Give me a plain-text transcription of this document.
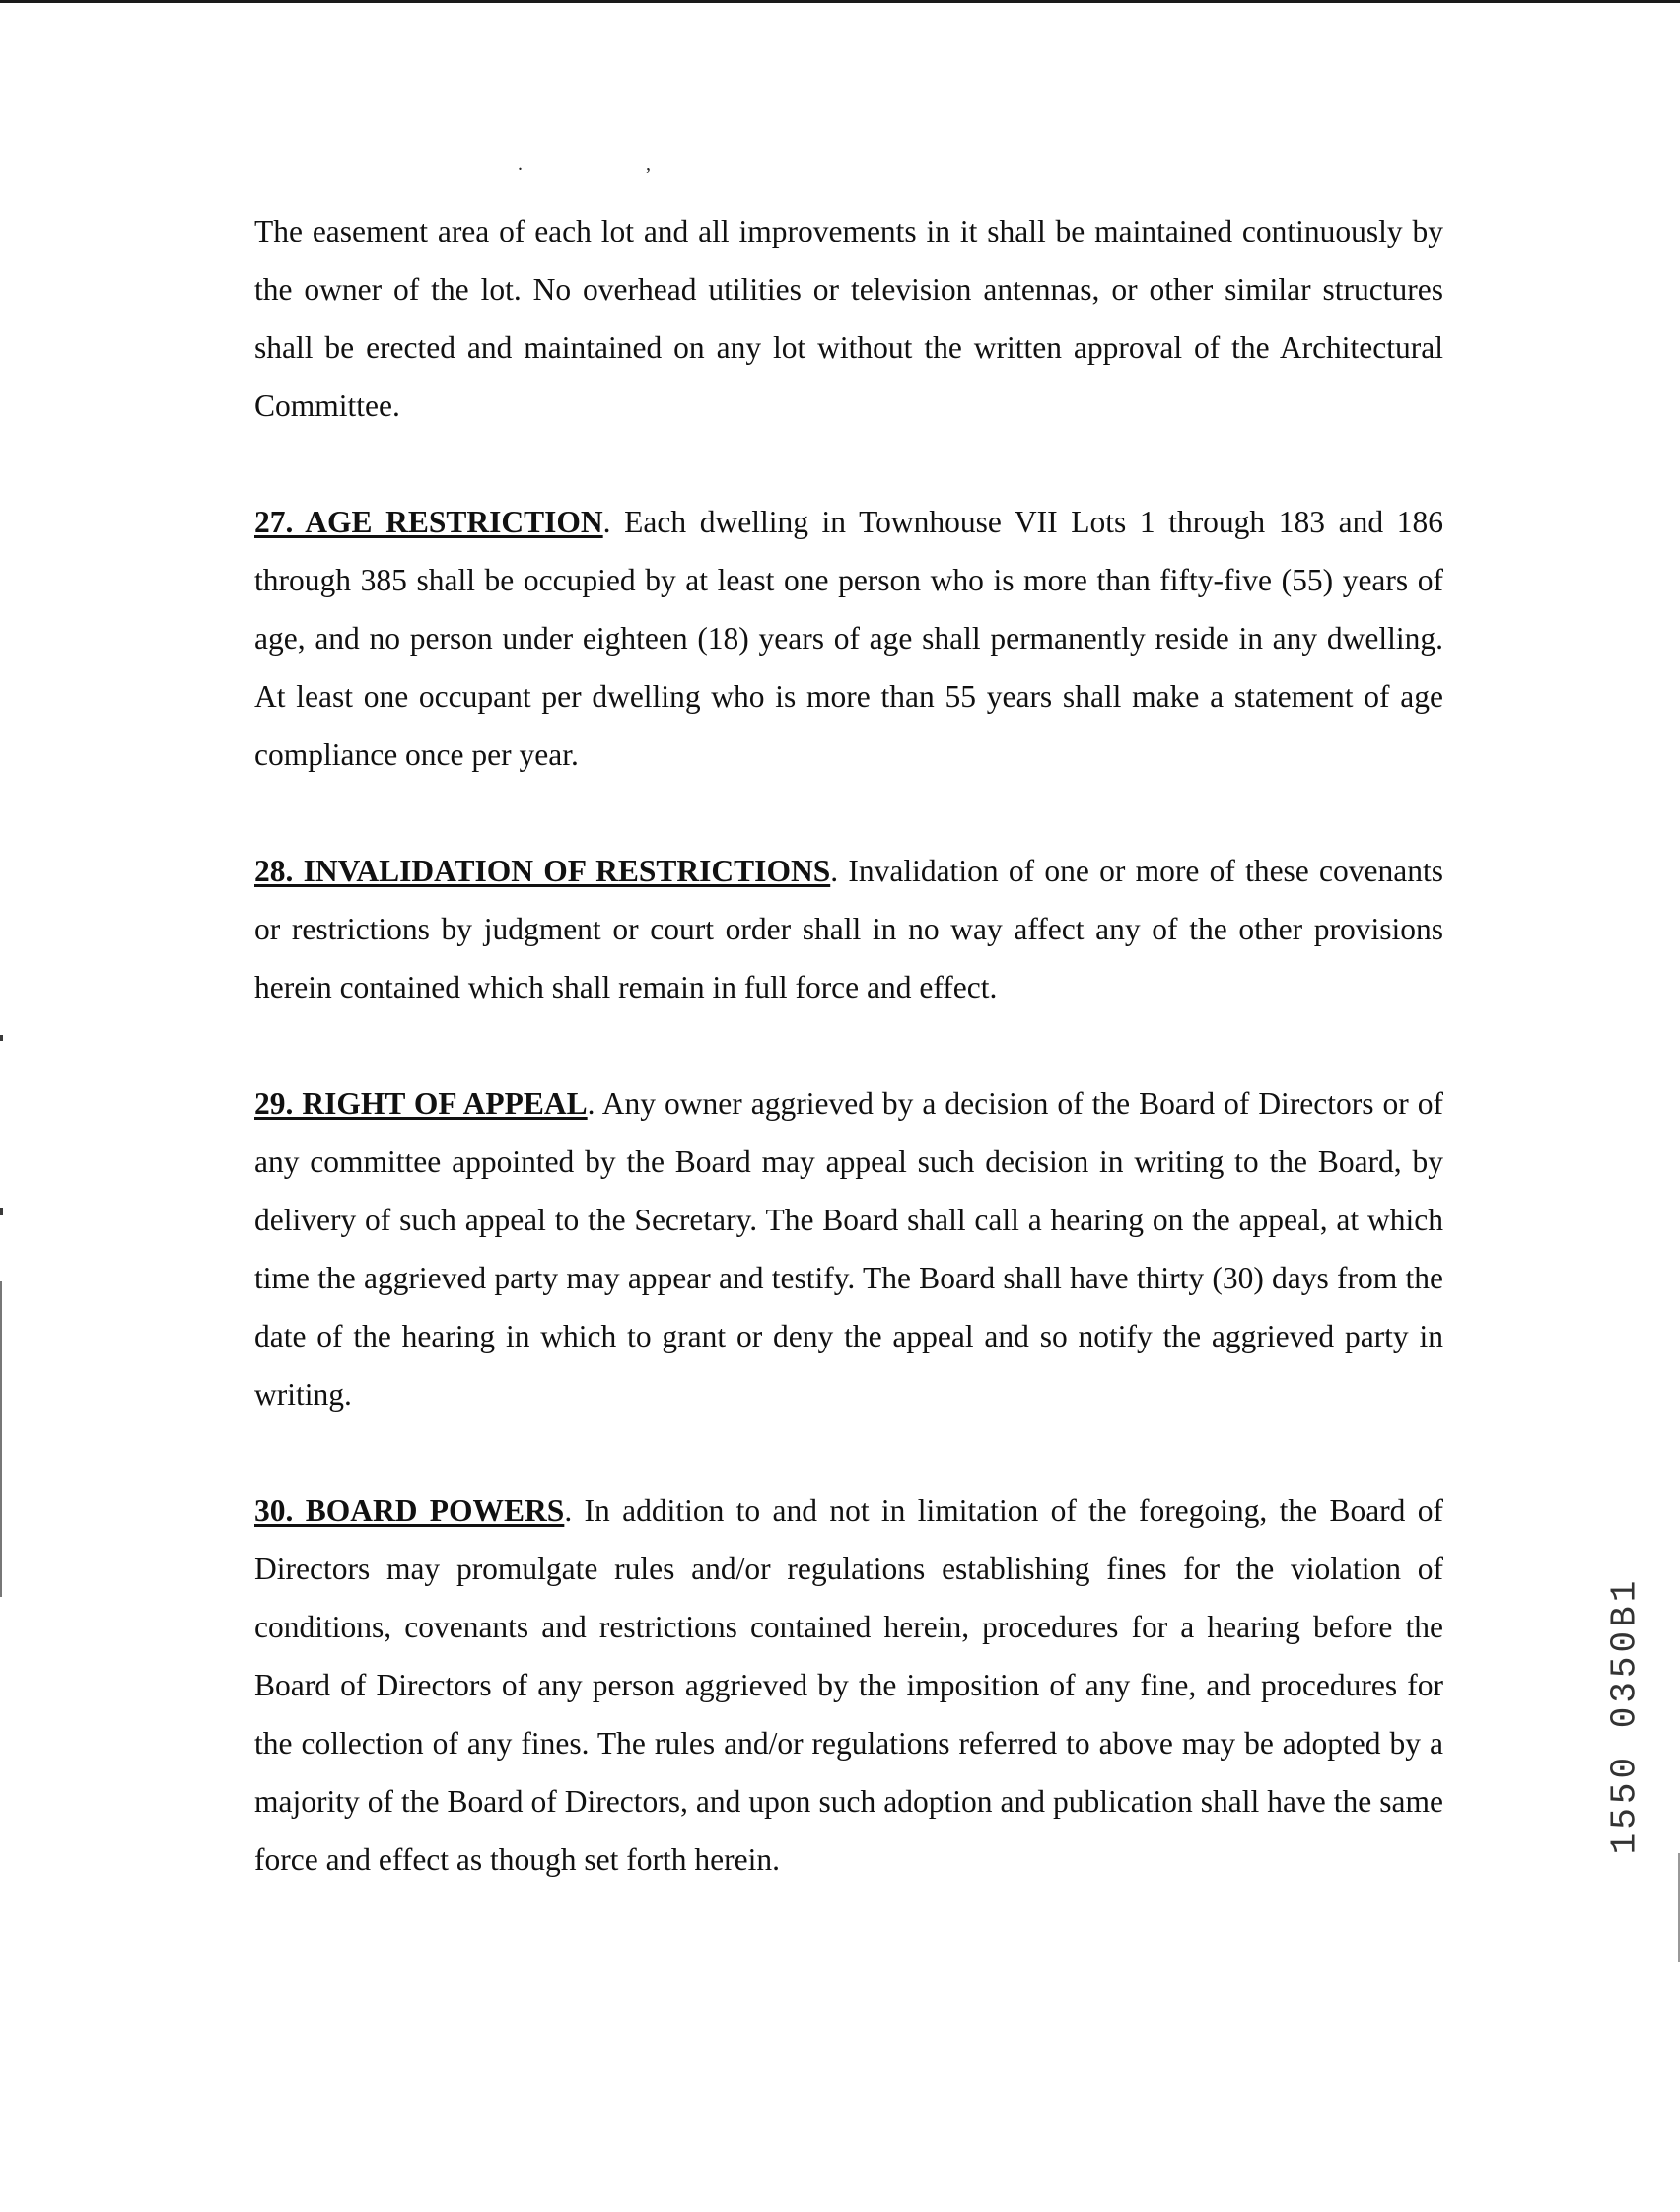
. ,

The easement area of each lot and all improvements in it shall be maintained continuously by the owner of the lot. No overhead utilities or television antennas, or other similar structures shall be erected and maintained on any lot without the written approval of the Architectural Committee.

27. AGE RESTRICTION. Each dwelling in Townhouse VII Lots 1 through 183 and 186 through 385 shall be occupied by at least one person who is more than fifty-five (55) years of age, and no person under eighteen (18) years of age shall permanently reside in any dwelling. At least one occupant per dwelling who is more than 55 years shall make a statement of age compliance once per year.

28. INVALIDATION OF RESTRICTIONS. Invalidation of one or more of these covenants or restrictions by judgment or court order shall in no way affect any of the other provisions herein contained which shall remain in full force and effect.

29. RIGHT OF APPEAL. Any owner aggrieved by a decision of the Board of Directors or of any committee appointed by the Board may appeal such decision in writing to the Board, by delivery of such appeal to the Secretary. The Board shall call a hearing on the appeal, at which time the aggrieved party may appear and testify. The Board shall have thirty (30) days from the date of the hearing in which to grant or deny the appeal and so notify the aggrieved party in writing.

30. BOARD POWERS. In addition to and not in limitation of the foregoing, the Board of Directors may promulgate rules and/or regulations establishing fines for the violation of conditions, covenants and restrictions contained herein, procedures for a hearing before the Board of Directors of any person aggrieved by the imposition of any fine, and procedures for the collection of any fines. The rules and/or regulations referred to above may be adopted by a majority of the Board of Directors, and upon such adoption and publication shall have the same force and effect as though set forth herein.

1550 0350B1
